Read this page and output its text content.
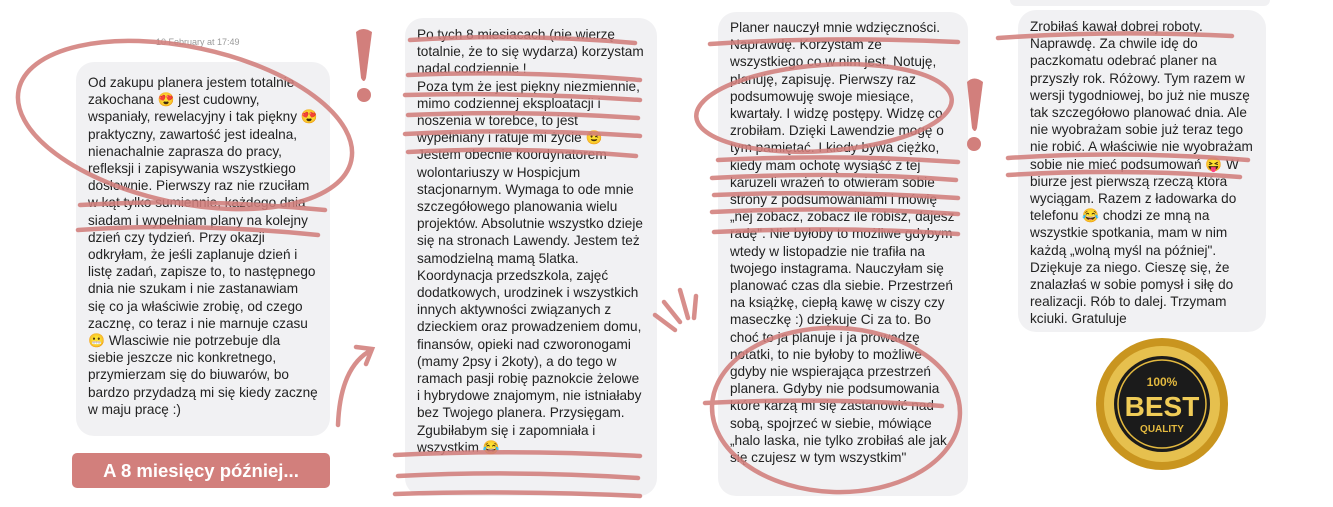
10 February at 17:49
Od zakupu planera jestem totalnie zakochana 😍 jest cudowny, wspaniały, rewelacyjny i tak piękny 😍 praktyczny, zawartość jest idealna, nienachalnie zaprasza do pracy, refleksji i zapisywania wszystkiego dosłownie. Pierwszy raz nie rzuciłam w kąt tylko sumiennie, każdego dnia siadam i wypełniam plany na kolejny dzień czy tydzień. Przy okazji odkryłam, że jeśli zaplanuje dzień i listę zadań, zapisze to, to następnego dnia nie szukam i nie zastanawiam się co ja właściwie zrobię, od czego zacznę, co teraz i nie marnuje czasu 😬 Wlasciwie nie potrzebuje dla siebie jeszcze nic konkretnego, przymierzam się do biuwarów, bo bardzo przydadzą mi się kiedy zacznę w maju pracę :)
Po tych 8 miesiacach (nie wierzę totalnie, że to się wydarza) korzystam nadal codziennie !
Poza tym że jest piękny niezmiennie, mimo codziennej eksploatacji i noszenia w torebce, to jest wypełniany i ratuje mi życie 😉
Jestem obecnie koordynatorem wolontariuszy w Hospicjum stacjonarnym. Wymaga to ode mnie szczegółowego planowania wielu projektów. Absolutnie wszystko dzieje się na stronach Lawendy. Jestem też samodzielną mamą 5latka. Koordynacja przedszkola, zajęć dodatkowych, urodzinek i wszystkich innych aktywności związanych z dzieckiem oraz prowadzeniem domu, finansów, opieki nad czworonogami (mamy 2psy i 2koty), a do tego w ramach pasji robię paznokcie żelowe i hybrydowe znajomym, nie istniałaby bez Twojego planera. Przysięgam. Zgubiłabym się i zapomniała i wszystkim 😂
Planer nauczył mnie wdzięczności. Naprawdę. Korzystam ze wszystkiego co w nim jest. Notuję, planuję, zapisuję. Pierwszy raz podsumowuję swoje miesiące, kwartały. I widzę postępy. Widzę co zrobiłam. Dzięki Lawendzie mogę o tym pamiętać. I kiedy bywa ciężko, kiedy mam ochotę wysiąść z tej karuzeli wrażeń to otwieram sobie strony z podsumowaniami i mówię „nej zobacz, zobacz ile robisz, dajesz radę". Nie byłoby to możliwe gdybym wtedy w listopadzie nie trafiła na twojego instagrama. Nauczyłam się planować czas dla siebie. Przestrzeń na książkę, ciepłą kawę w ciszy czy maseczkę :) dziękuje Ci za to. Bo choć to ja planuje i ja prowadzę notatki, to nie byłoby to możliwe gdyby nie wspierająca przestrzeń planera. Gdyby nie podsumowania które karzą mi się zastanowić nad sobą, spojrzeć w siebie, mówiące „halo laska, nie tylko zrobiłaś ale jak się czujesz w tym wszystkim"
Zrobiłaś kawał dobrej roboty. Naprawdę. Za chwile idę do paczkomatu odebrać planer na przyszły rok. Różowy. Tym razem w wersji tygodniowej, bo już nie muszę tak szczegółowo planować dnia. Ale nie wyobrażam sobie już teraz tego nie robić. A właściwie nie wyobrażam sobie nie mieć podsumowań 😝 W biurze jest pierwszą rzeczą która wyciągam. Razem z ładowarka do telefonu 😂 chodzi ze mną na wszystkie spotkania, mam w nim każdą „wolną myśl na później". Dziękuje za niego. Cieszę się, że znalazłaś w sobie pomysł i siłę do realizacji. Rób to dalej. Trzymam kciuki. Gratuluje
A 8 miesięcy później...
100%
BEST
QUALITY
